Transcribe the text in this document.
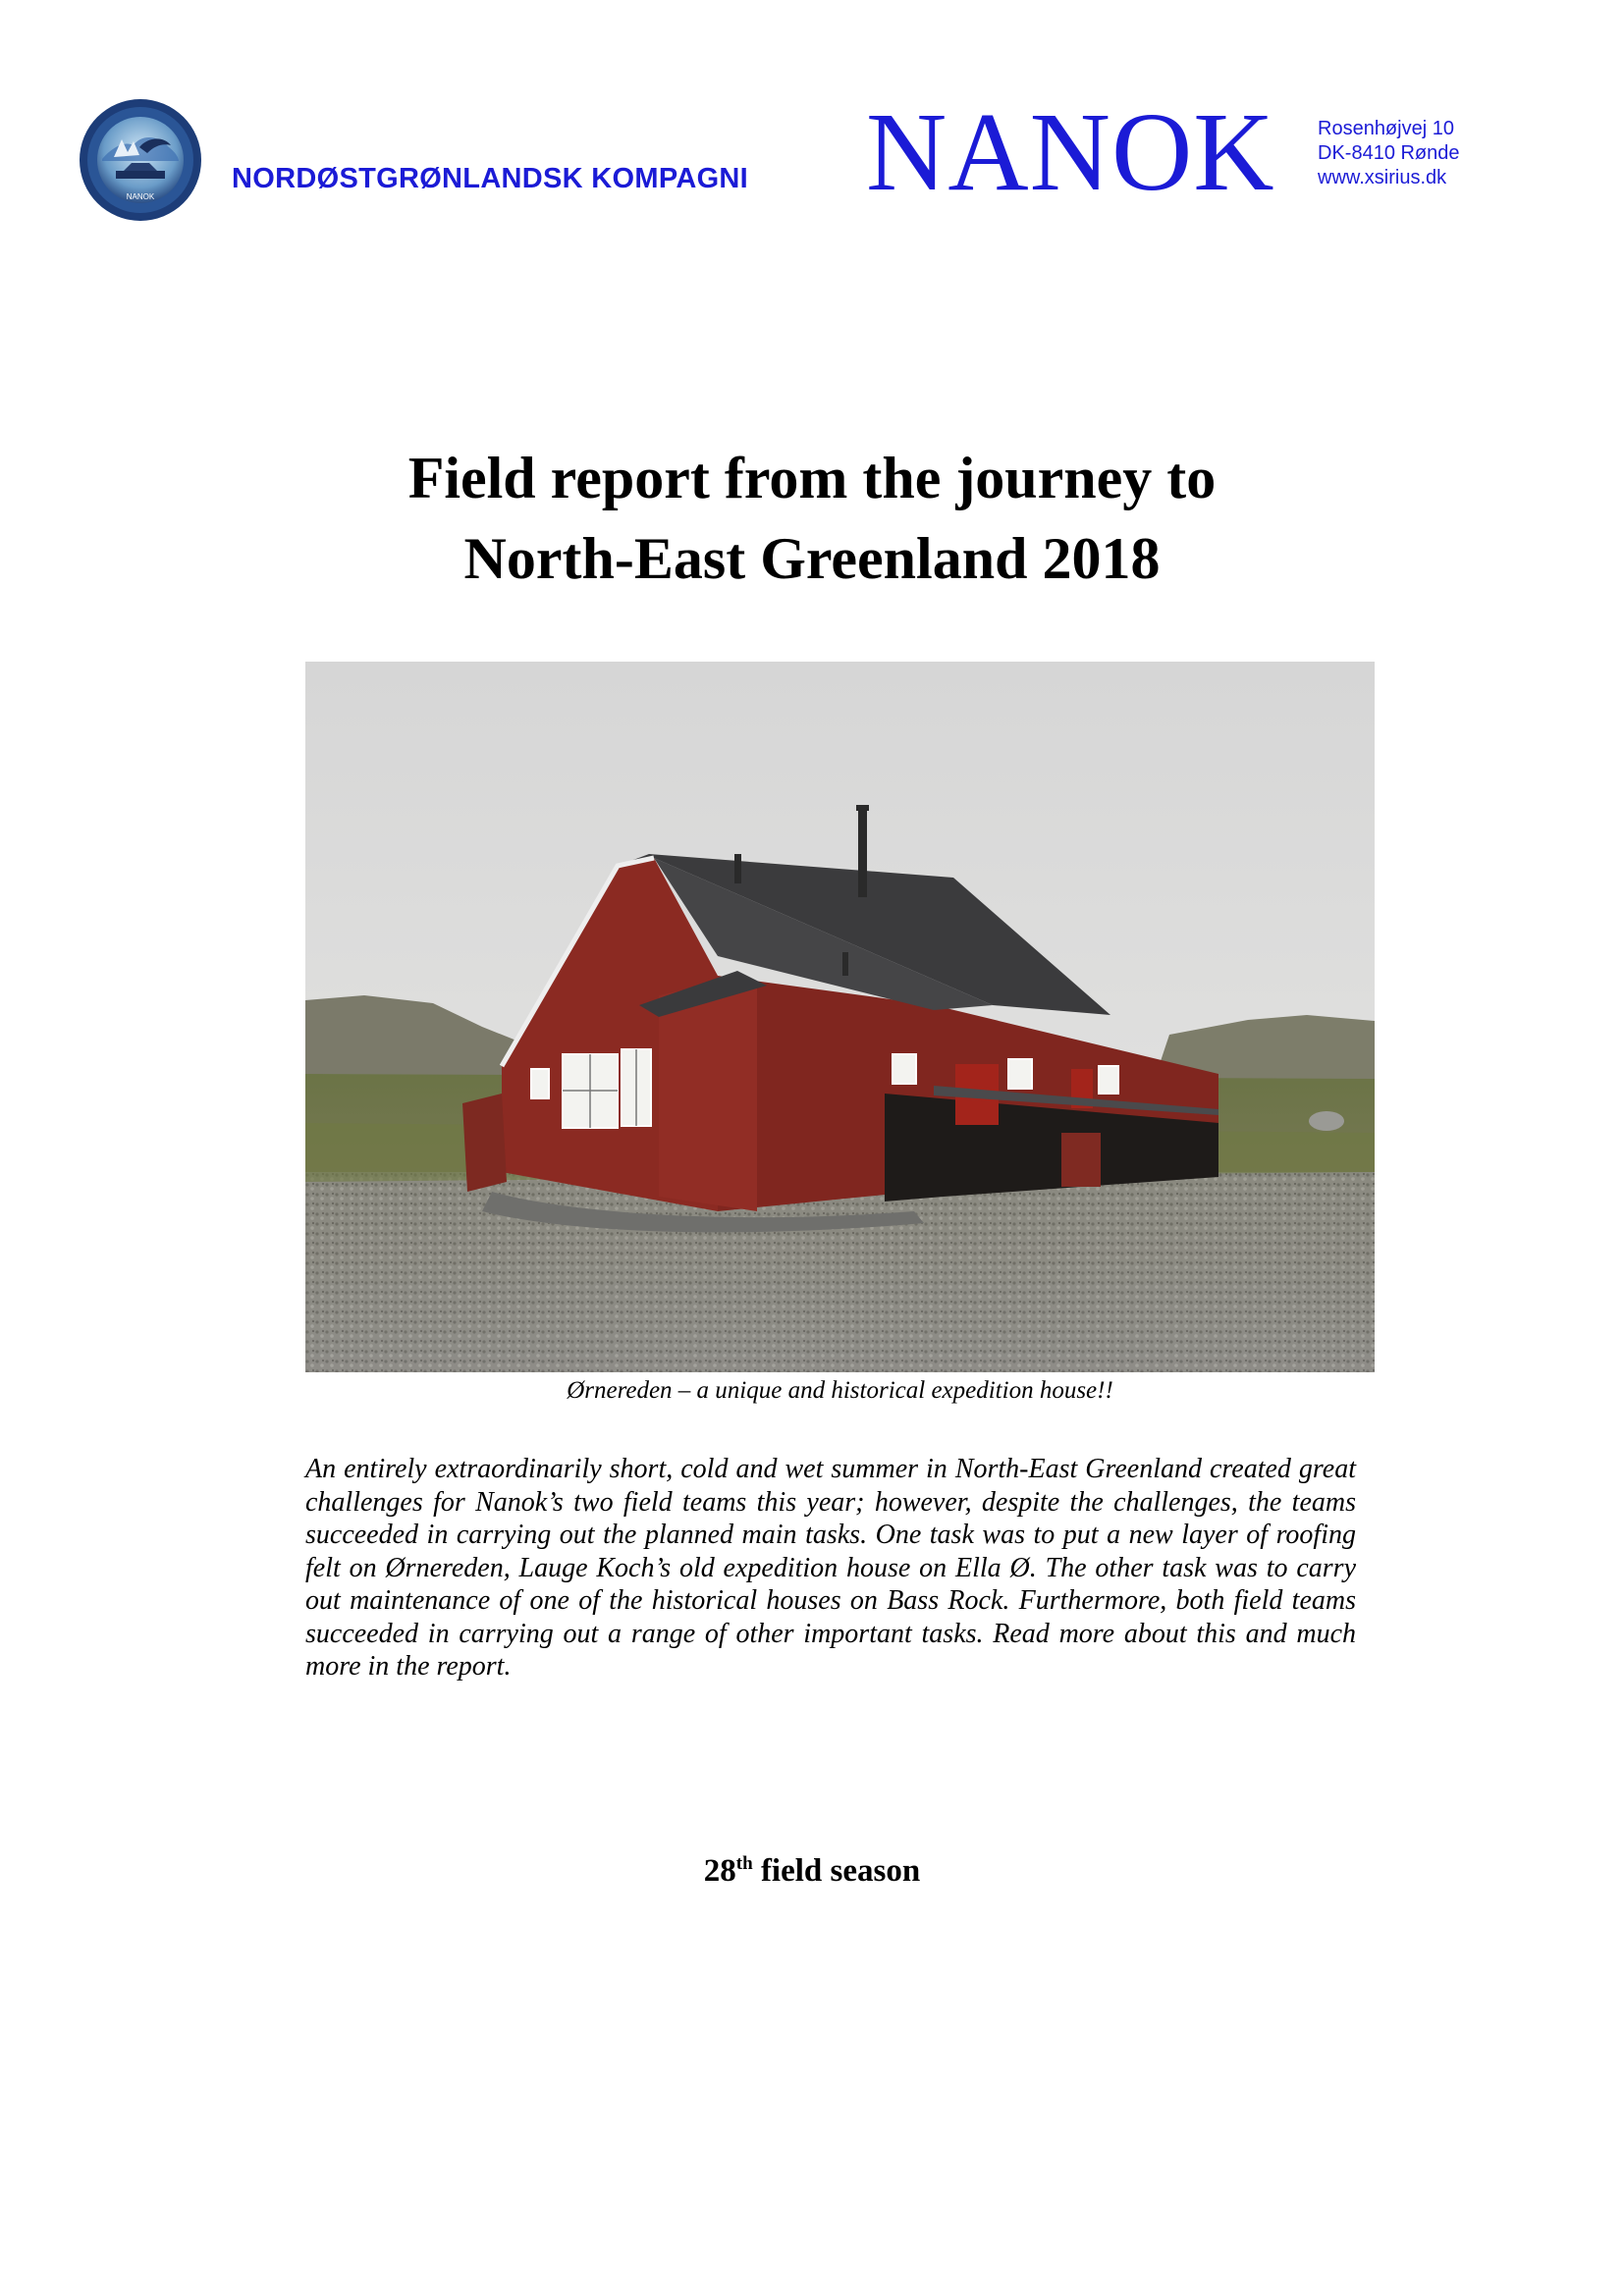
NANOK
NORDØSTGRØNLANDSK KOMPAGNI NANOK Rosenhøjvej 10
DK-8410 Rønde
www.xsirius.dk
Field report from the journey to
North-East Greenland 2018
Ørnereden – a unique and historical expedition house!!
An entirely extraordinarily short, cold and wet summer in North-East Greenland created great challenges for Nanok’s two field teams this year; however, despite the challenges, the teams succeeded in carrying out the planned main tasks. One task was to put a new layer of roofing felt on Ørnereden, Lauge Koch’s old expedition house on Ella Ø. The other task was to carry out maintenance of one of the historical houses on Bass Rock. Furthermore, both field teams succeeded in carrying out a range of other important tasks. Read more about this and much more in the report.
28th field season
